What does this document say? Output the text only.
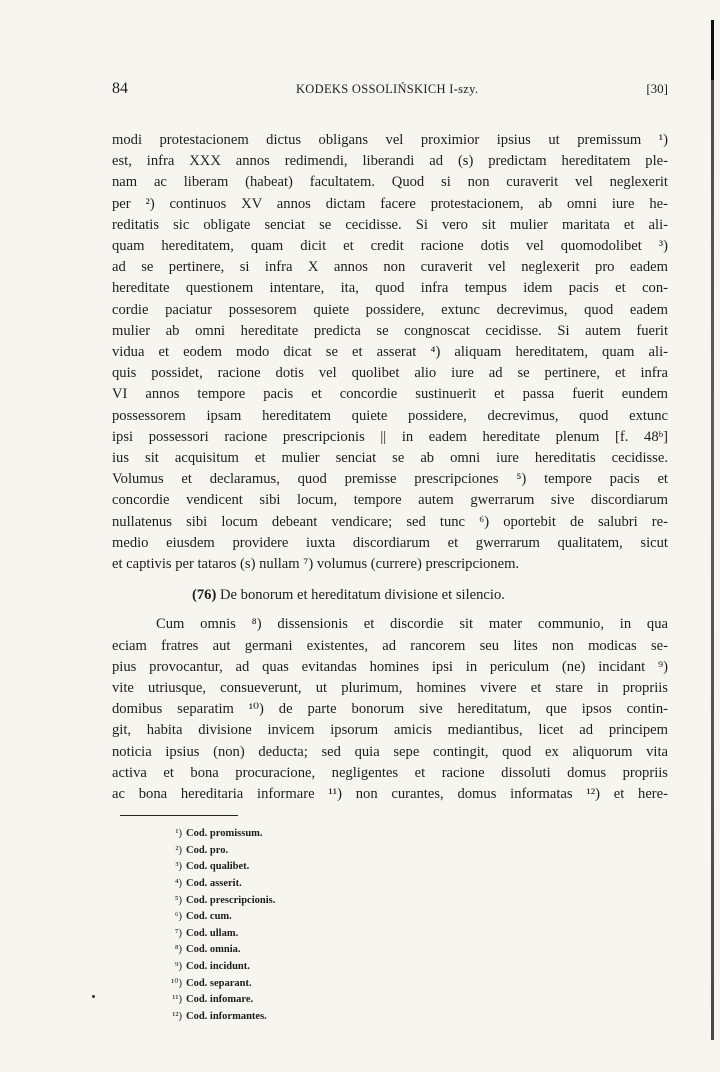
84	KODEKS OSSOLIŃSKICH I-szy.	[30]

modi protestacionem dictus obligans vel proximior ipsius ut premissum ¹)

est, infra XXX annos redimendi, liberandi ad (s) predictam hereditatem ple-

nam ac liberam (habeat) facultatem. Quod si non curaverit vel neglexerit

per ²) continuos XV annos dictam facere protestacionem, ab omni iure he-

reditatis sic obligate senciat se cecidisse. Si vero sit mulier maritata et ali-

quam hereditatem, quam dicit et credit racione dotis vel quomodolibet ³)

ad se pertinere, si infra X annos non curaverit vel neglexerit pro eadem

hereditate questionem intentare, ita, quod infra tempus idem pacis et con-

cordie paciatur possesorem quiete possidere, extunc decrevimus, quod eadem

mulier ab omni hereditate predicta se congnoscat cecidisse. Si autem fuerit

vidua et eodem modo dicat se et asserat ⁴) aliquam hereditatem, quam ali-

quis possidet, racione dotis vel quolibet alio iure ad se pertinere, et infra

VI annos tempore pacis et concordie sustinuerit et passa fuerit eundem

possessorem ipsam hereditatem quiete possidere, decrevimus, quod extunc

ipsi possessori racione prescripcionis || in eadem hereditate plenum [f. 48ᵇ]

ius sit acquisitum et mulier senciat se ab omni iure hereditatis cecidisse.

Volumus et declaramus, quod premisse prescripciones ⁵) tempore pacis et

concordie vendicent sibi locum, tempore autem gwerrarum sive discordiarum

nullatenus sibi locum debeant vendicare; sed tunc ⁶) oportebit de salubri re-

medio eiusdem providere iuxta discordiarum et gwerrarum qualitatem, sicut

et captivis per tataros (s) nullam ⁷) volumus (currere) prescripcionem.

(76) De bonorum et hereditatum divisione et silencio.

Cum omnis ⁸) dissensionis et discordie sit mater communio, in qua

eciam fratres aut germani existentes, ad rancorem seu lites non modicas se-

pius provocantur, ad quas evitandas homines ipsi in periculum (ne) incidant ⁹)

vite utriusque, consueverunt, ut plurimum, homines vivere et stare in propriis

domibus separatim ¹⁰) de parte bonorum sive hereditatum, que ipsos contin-

git, habita divisione invicem ipsorum amicis mediantibus, licet ad principem

noticia ipsius (non) deducta; sed quia sepe contingit, quod ex aliquorum vita

activa et bona procuracione, negligentes et racione dissoluti domus propriis

ac bona hereditaria informare ¹¹) non curantes, domus informatas ¹²) et here-

¹) Cod. promissum.
²) Cod. pro.
³) Cod. qualibet.
⁴) Cod. asserit.
⁵) Cod. prescripcionis.
⁶) Cod. cum.
⁷) Cod. ullam.
⁸) Cod. omnia.
⁹) Cod. incidunt.
¹⁰) Cod. separant.
¹¹) Cod. infomare.
¹²) Cod. informantes.
